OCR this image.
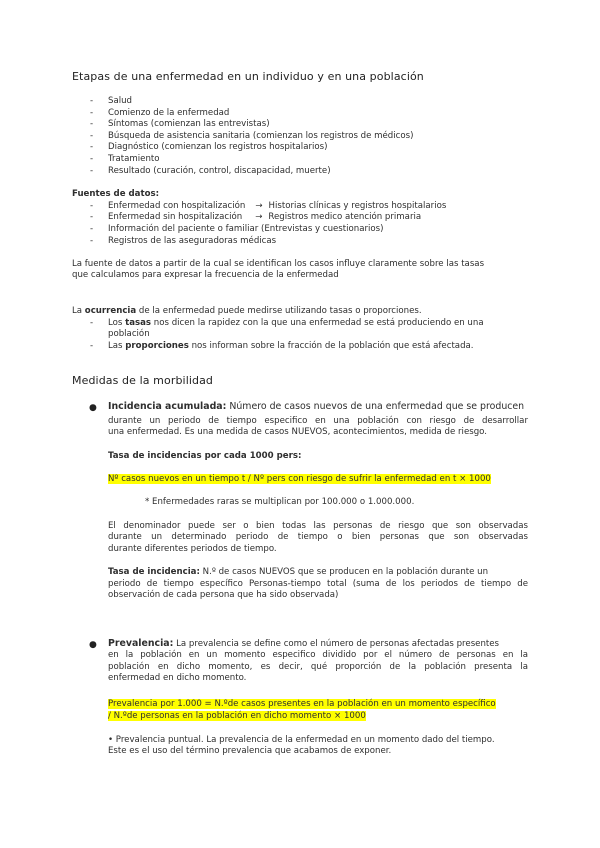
Etapas de una enfermedad en un individuo y en una población
- Salud
- Comienzo de la enfermedad
- Síntomas (comienzan las entrevistas)
- Búsqueda de asistencia sanitaria (comienzan los registros de médicos)
- Diagnóstico (comienzan los registros hospitalarios)
- Tratamiento
- Resultado (curación, control, discapacidad, muerte)
Fuentes de datos:
- Enfermedad con hospitalización → Historias clínicas y registros hospitalarios
- Enfermedad sin hospitalización → Registros medico atención primaria
- Información del paciente o familiar (Entrevistas y cuestionarios)
- Registros de las aseguradoras médicas
La fuente de datos a partir de la cual se identifican los casos influye claramente sobre las tasas
que calculamos para expresar la frecuencia de la enfermedad
La ocurrencia de la enfermedad puede medirse utilizando tasas o proporciones.
- Los tasas nos dicen la rapidez con la que una enfermedad se está produciendo en una
población
- Las proporciones nos informan sobre la fracción de la población que está afectada.
Medidas de la morbilidad
● Incidencia acumulada: Número de casos nuevos de una enfermedad que se producen
durante un periodo de tiempo especifico en una población con riesgo de desarrollar
una enfermedad. Es una medida de casos NUEVOS, acontecimientos, medida de riesgo.
Tasa de incidencias por cada 1000 pers:
Nº casos nuevos en un tiempo t / Nº pers con riesgo de sufrir la enfermedad en t × 1000
* Enfermedades raras se multiplican por 100.000 o 1.000.000.
El denominador puede ser o bien todas las personas de riesgo que son observadas
durante un determinado periodo de tiempo o bien personas que son observadas
durante diferentes periodos de tiempo.
Tasa de incidencia: N.º de casos NUEVOS que se producen en la población durante un
periodo de tiempo específico Personas-tiempo total (suma de los periodos de tiempo de
observación de cada persona que ha sido observada)
● Prevalencia: La prevalencia se define como el número de personas afectadas presentes
en la población en un momento especifico dividido por el número de personas en la
población en dicho momento, es decir, qué proporción de la población presenta la
enfermedad en dicho momento.
Prevalencia por 1.000 = N.ºde casos presentes en la población en un momento específico
/ N.ºde personas en la población en dicho momento × 1000
• Prevalencia puntual. La prevalencia de la enfermedad en un momento dado del tiempo.
Este es el uso del término prevalencia que acabamos de exponer.
